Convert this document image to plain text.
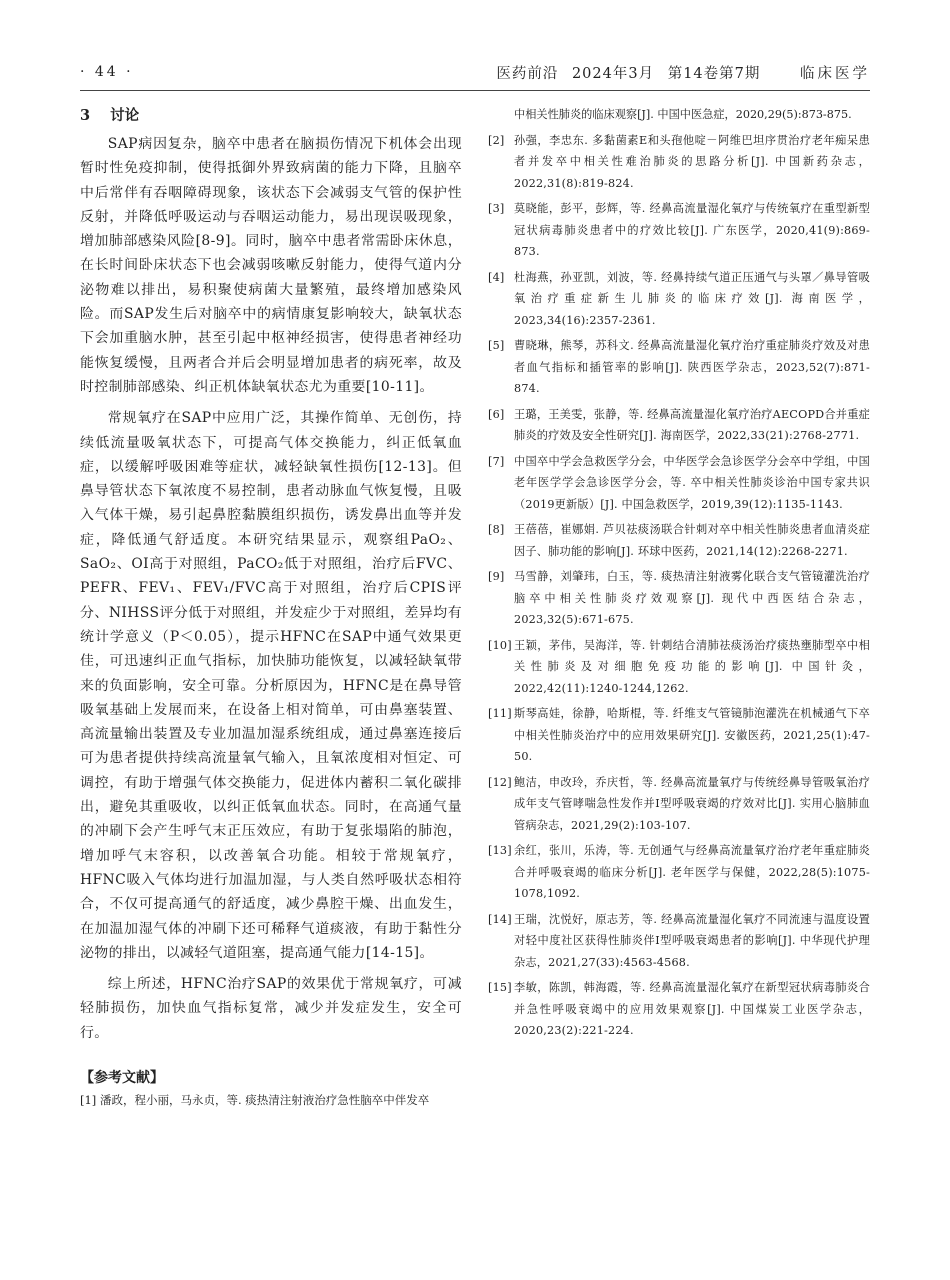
· 44 ·	医药前沿 2024年3月 第14卷第7期	临床医学
3 讨论

SAP病因复杂，脑卒中患者在脑损伤情况下机体会出现暂时性免疫抑制，使得抵御外界致病菌的能力下降，且脑卒中后常伴有吞咽障碍现象，该状态下会减弱支气管的保护性反射，并降低呼吸运动与吞咽运动能力，易出现误吸现象，增加肺部感染风险[8-9]。同时，脑卒中患者常需卧床休息，在长时间卧床状态下也会减弱咳嗽反射能力，使得气道内分泌物难以排出，易积聚使病菌大量繁殖，最终增加感染风险。而SAP发生后对脑卒中的病情康复影响较大，缺氧状态下会加重脑水肿，甚至引起中枢神经损害，使得患者神经功能恢复缓慢，且两者合并后会明显增加患者的病死率，故及时控制肺部感染、纠正机体缺氧状态尤为重要[10-11]。

常规氧疗在SAP中应用广泛，其操作简单、无创伤，持续低流量吸氧状态下，可提高气体交换能力，纠正低氧血症，以缓解呼吸困难等症状，减轻缺氧性损伤[12-13]。但鼻导管状态下氧浓度不易控制，患者动脉血气恢复慢，且吸入气体干燥，易引起鼻腔黏膜组织损伤，诱发鼻出血等并发症，降低通气舒适度。本研究结果显示，观察组PaO₂、SaO₂、OI高于对照组，PaCO₂低于对照组，治疗后FVC、PEFR、FEV₁、FEV₁/FVC高于对照组，治疗后CPIS评分、NIHSS评分低于对照组，并发症少于对照组，差异均有统计学意义（P＜0.05），提示HFNC在SAP中通气效果更佳，可迅速纠正血气指标，加快肺功能恢复，以减轻缺氧带来的负面影响，安全可靠。分析原因为，HFNC是在鼻导管吸氧基础上发展而来，在设备上相对简单，可由鼻塞装置、高流量输出装置及专业加温加湿系统组成，通过鼻塞连接后可为患者提供持续高流量氧气输入，且氧浓度相对恒定、可调控，有助于增强气体交换能力，促进体内蓄积二氧化碳排出，避免其重吸收，以纠正低氧血状态。同时，在高通气量的冲刷下会产生呼气末正压效应，有助于复张塌陷的肺泡，增加呼气末容积，以改善氧合功能。相较于常规氧疗，HFNC吸入气体均进行加温加湿，与人类自然呼吸状态相符合，不仅可提高通气的舒适度，减少鼻腔干燥、出血发生，在加温加湿气体的冲刷下还可稀释气道痰液，有助于黏性分泌物的排出，以减轻气道阻塞，提高通气能力[14-15]。

综上所述，HFNC治疗SAP的效果优于常规氧疗，可减轻肺损伤，加快血气指标复常，减少并发症发生，安全可行。

【参考文献】
[1] 潘政，程小丽，马永贞，等. 痰热清注射液治疗急性脑卒中伴发卒
中相关性肺炎的临床观察[J]. 中国中医急症，2020,29(5):873-875.
[2] 孙强，李忠东. 多黏菌素E和头孢他啶－阿维巴坦序贯治疗老年痴呆患者并发卒中相关性难治肺炎的思路分析[J]. 中国新药杂志，2022,31(8):819-824.
[3] 莫晓能，彭平，彭辉，等. 经鼻高流量湿化氧疗与传统氧疗在重型新型冠状病毒肺炎患者中的疗效比较[J]. 广东医学，2020,41(9):869-873.
[4] 杜海燕，孙亚凯，刘波，等. 经鼻持续气道正压通气与头罩／鼻导管吸氧治疗重症新生儿肺炎的临床疗效[J]. 海南医学，2023,34(16):2357-2361.
[5] 曹晓琳，熊琴，苏科文. 经鼻高流量湿化氧疗治疗重症肺炎疗效及对患者血气指标和插管率的影响[J]. 陕西医学杂志，2023,52(7):871-874.
[6] 王璐，王美雯，张静，等. 经鼻高流量湿化氧疗治疗AECOPD合并重症肺炎的疗效及安全性研究[J]. 海南医学，2022,33(21):2768-2771.
[7] 中国卒中学会急救医学分会，中华医学会急诊医学分会卒中学组，中国老年医学学会急诊医学分会，等. 卒中相关性肺炎诊治中国专家共识（2019更新版）[J]. 中国急救医学，2019,39(12):1135-1143.
[8] 王蓓蓓，崔娜娟. 芦贝祛痰汤联合针刺对卒中相关性肺炎患者血清炎症因子、肺功能的影响[J]. 环球中医药，2021,14(12):2268-2271.
[9] 马雪静，刘肇玮，白玉，等. 痰热清注射液雾化联合支气管镜灌洗治疗脑卒中相关性肺炎疗效观察[J]. 现代中西医结合杂志，2023,32(5):671-675.
[10] 王颖，茅伟，吴海洋，等. 针刺结合清肺祛痰汤治疗痰热壅肺型卒中相关性肺炎及对细胞免疫功能的影响[J]. 中国针灸，2022,42(11):1240-1244,1262.
[11] 斯琴高娃，徐静，哈斯棍，等. 纤维支气管镜肺泡灌洗在机械通气下卒中相关性肺炎治疗中的应用效果研究[J]. 安徽医药，2021,25(1):47-50.
[12] 鲍洁，申改玲，乔庆哲，等. 经鼻高流量氧疗与传统经鼻导管吸氧治疗成年支气管哮喘急性发作并Ⅰ型呼吸衰竭的疗效对比[J]. 实用心脑肺血管病杂志，2021,29(2):103-107.
[13] 余红，张川，乐涛，等. 无创通气与经鼻高流量氧疗治疗老年重症肺炎合并呼吸衰竭的临床分析[J]. 老年医学与保健，2022,28(5):1075-1078,1092.
[14] 王瑞，沈悦好，原志芳，等. 经鼻高流量湿化氧疗不同流速与温度设置对轻中度社区获得性肺炎伴Ⅰ型呼吸衰竭患者的影响[J]. 中华现代护理杂志，2021,27(33):4563-4568.
[15] 李敏，陈凯，韩海霞，等. 经鼻高流量湿化氧疗在新型冠状病毒肺炎合并急性呼吸衰竭中的应用效果观察[J]. 中国煤炭工业医学杂志，2020,23(2):221-224.
